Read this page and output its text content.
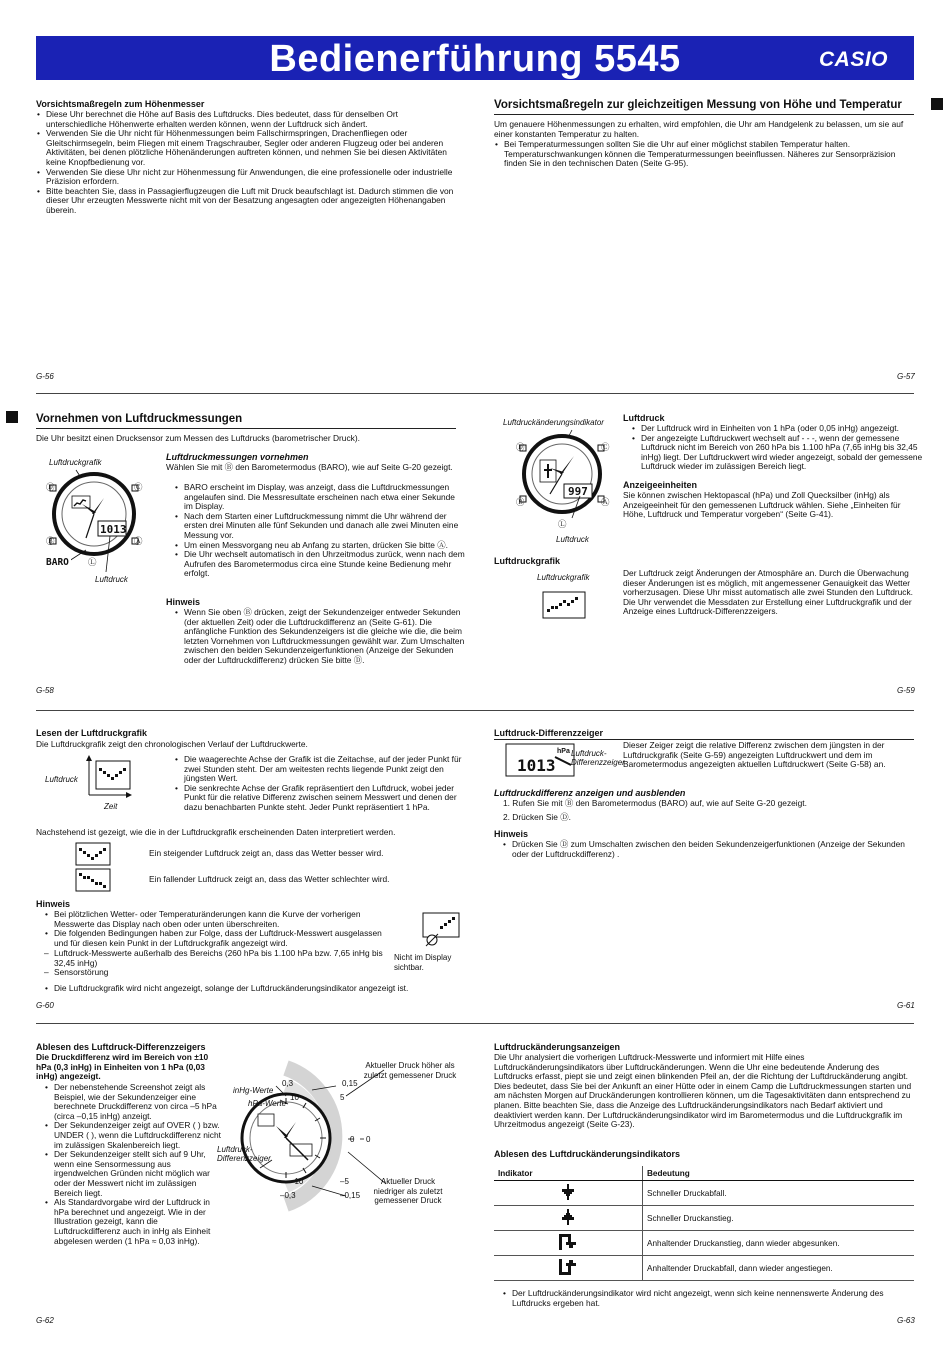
Bedienerführung 5545	CASIO
Vorsichtsmaßregeln zum Höhenmesser
• Diese Uhr berechnet die Höhe auf Basis des Luftdrucks. Dies bedeutet, dass für denselben Ort unterschiedliche Höhenwerte erhalten werden können, wenn der Luftdruck sich ändert.
• Verwenden Sie die Uhr nicht für Höhenmessungen beim Fallschirmspringen, Drachenfliegen oder Gleitschirmsegeln, beim Fliegen mit einem Tragschrauber, Segler oder anderen Flugzeug oder bei anderen Aktivitäten, bei denen plötzliche Höhenänderungen auftreten können, und nehmen Sie bei diesen Aktivitäten keine Knopfbedienung vor.
• Verwenden Sie diese Uhr nicht zur Höhenmessung für Anwendungen, die eine professionelle oder industrielle Präzision erfordern.
• Bitte beachten Sie, dass in Passagierflugzeugen die Luft mit Druck beaufschlagt ist. Dadurch stimmen die von dieser Uhr erzeugten Messwerte nicht mit von der Besatzung angesagten oder angezeigten Höhenangaben überein.
G-56
Vorsichtsmaßregeln zur gleichzeitigen Messung von Höhe und Temperatur
Um genauere Höhenmessungen zu erhalten, wird empfohlen, die Uhr am Handgelenk zu belassen, um sie auf einer konstanten Temperatur zu halten.
• Bei Temperaturmessungen sollten Sie die Uhr auf einer möglichst stabilen Temperatur halten. Temperaturschwankungen können die Temperaturmessungen beeinflussen. Näheres zur Sensorpräzision finden Sie in den technischen Daten (Seite G-95).
G-57
Vornehmen von Luftdruckmessungen
Die Uhr besitzt einen Drucksensor zum Messen des Luftdrucks (barometrischer Druck).
Luftdruckgrafik
1013
BARO
Ⓓ	Ⓒ
Ⓑ	Ⓐ
Ⓛ
Luftdruck
Luftdruckmessungen vornehmen
Wählen Sie mit Ⓑ den Barometermodus (BARO), wie auf Seite G-20 gezeigt.
• BARO erscheint im Display, was anzeigt, dass die Luftdruckmessungen angelaufen sind. Die Messresultate erscheinen nach etwa einer Sekunde im Display.
• Nach dem Starten einer Luftdruckmessung nimmt die Uhr während der ersten drei Minuten alle fünf Sekunden und danach alle zwei Minuten eine Messung vor.
• Um einen Messvorgang neu ab Anfang zu starten, drücken Sie bitte Ⓐ.
• Die Uhr wechselt automatisch in den Uhrzeitmodus zurück, wenn nach dem Aufrufen des Barometermodus circa eine Stunde keine Bedienung mehr erfolgt.
Hinweis
• Wenn Sie oben Ⓑ drücken, zeigt der Sekundenzeiger entweder Sekunden (der aktuellen Zeit) oder die Luftdruckdifferenz an (Seite G-61). Die anfängliche Funktion des Sekundenzeigers ist die gleiche wie die, die beim letzten Vornehmen von Luftdruckmessungen gewählt war. Zum Umschalten zwischen den beiden Sekundenzeigerfunktionen (Anzeige der Sekunden oder der Luftdruckdifferenz) drücken Sie bitte Ⓓ.
G-58
Luftdruckänderungsindikator
997
Ⓓ	Ⓒ
Ⓑ	Ⓐ
Ⓛ
Luftdruck
Luftdruck
• Der Luftdruck wird in Einheiten von 1 hPa (oder 0,05 inHg) angezeigt.
• Der angezeigte Luftdruckwert wechselt auf - - -, wenn der gemessene Luftdruck nicht im Bereich von 260 hPa bis 1.100 hPa (7,65 inHg bis 32,45 inHg) liegt. Der Luftdruckwert wird wieder angezeigt, sobald der gemessene Luftdruck wieder im zulässigen Bereich liegt.
Anzeigeeinheiten
Sie können zwischen Hektopascal (hPa) und Zoll Quecksilber (inHg) als Anzeigeeinheit für den gemessenen Luftdruck wählen. Siehe „Einheiten für Höhe, Luftdruck und Temperatur vorgeben“ (Seite G-41).
Luftdruckgrafik
Luftdruckgrafik	Der Luftdruck zeigt Änderungen der Atmosphäre an. Durch die Überwachung dieser Änderungen ist es möglich, mit angemessener Genauigkeit das Wetter vorherzusagen. Diese Uhr misst automatisch alle zwei Stunden den Luftdruck. Die Uhr verwendet die Messdaten zur Erstellung einer Luftdruckgrafik und der Anzeige eines Luftdruck-Differenzzeigers.
G-59
Lesen der Luftdruckgrafik
Die Luftdruckgrafik zeigt den chronologischen Verlauf der Luftdruckwerte.
Luftdruck
Zeit
• Die waagerechte Achse der Grafik ist die Zeitachse, auf der jeder Punkt für zwei Stunden steht. Der am weitesten rechts liegende Punkt zeigt den jüngsten Wert.
• Die senkrechte Achse der Grafik repräsentiert den Luftdruck, wobei jeder Punkt für die relative Differenz zwischen seinem Messwert und denen der dazu benachbarten Punkte steht. Jeder Punkt repräsentiert 1 hPa.
Nachstehend ist gezeigt, wie die in der Luftdruckgrafik erscheinenden Daten interpretiert werden.
Ein steigender Luftdruck zeigt an, dass das Wetter besser wird.
Ein fallender Luftdruck zeigt an, dass das Wetter schlechter wird.
Hinweis
• Bei plötzlichen Wetter- oder Temperaturänderungen kann die Kurve der vorherigen Messwerte das Display nach oben oder unten überschreiten.
• Die folgenden Bedingungen haben zur Folge, dass der Luftdruck-Messwert ausgelassen und für diesen kein Punkt in der Luftdruckgrafik angezeigt wird.
– Luftdruck-Messwerte außerhalb des Bereichs (260 hPa bis 1.100 hPa bzw. 7,65 inHg bis 32,45 inHg)
– Sensorstörung
Nicht im Display sichtbar.
• Die Luftdruckgrafik wird nicht angezeigt, solange der Luftdruckänderungsindikator angezeigt ist.
G-60
Luftdruck-Differenzzeiger
hPa
1013
Luftdruck-Differenzzeiger
Dieser Zeiger zeigt die relative Differenz zwischen dem jüngsten in der Luftdruckgrafik (Seite G-59) angezeigten Luftdruckwert und dem im Barometermodus angezeigten aktuellen Luftdruckwert (Seite G-58) an.
Luftdruckdifferenz anzeigen und ausblenden
1. Rufen Sie mit Ⓑ den Barometermodus (BARO) auf, wie auf Seite G-20 gezeigt.
2. Drücken Sie Ⓓ.
Hinweis
• Drücken Sie Ⓓ zum Umschalten zwischen den beiden Sekundenzeigerfunktionen (Anzeige der Sekunden oder der Luftdruckdifferenz) .
G-61
Ablesen des Luftdruck-Differenzzeigers
Die Druckdifferenz wird im Bereich von ±10 hPa (0,3 inHg) in Einheiten von 1 hPa (0,03 inHg) angezeigt.
• Der nebenstehende Screenshot zeigt als Beispiel, wie der Sekundenzeiger eine berechnete Druckdifferenz von circa –5 hPa (circa –0,15 inHg) anzeigt.
• Der Sekundenzeiger zeigt auf OVER ( ) bzw. UNDER ( ), wenn die Luftdruckdifferenz nicht im zulässigen Skalenbereich liegt.
• Der Sekundenzeiger stellt sich auf 9 Uhr, wenn eine Sensormessung aus irgendwelchen Gründen nicht möglich war oder der Messwert nicht im zulässigen Bereich liegt.
• Als Standardvorgabe wird der Luftdruck in hPa berechnet und angezeigt. Wie in der Illustration gezeigt, kann die Luftdruckdifferenz auch in inHg als Einheit abgelesen werden (1 hPa ≈ 0,03 inHg).
0,3	0,15
0
–0,15
–0,3
10	5
0
–5
–10
inHg-Werte
hPa-Werte
Luftdruck-Differenzzeiger
Aktueller Druck höher als zuletzt gemessener Druck
Aktueller Druck niedriger als zuletzt gemessener Druck
G-62
Luftdruckänderungsanzeigen
Die Uhr analysiert die vorherigen Luftdruck-Messwerte und informiert mit Hilfe eines Luftdruckänderungsindikators über Luftdruckänderungen. Wenn die Uhr eine bedeutende Änderung des Luftdrucks erfasst, piept sie und zeigt einen blinkenden Pfeil an, der die Richtung der Luftdruckänderung angibt. Dies bedeutet, dass Sie bei der Ankunft an einer Hütte oder in einem Camp die Luftdruckmessungen starten und am nächsten Morgen auf Druckänderungen kontrollieren können, um die Tagesaktivitäten dann entsprechend zu planen. Bitte beachten Sie, dass die Anzeige des Luftdruckänderungsindikators nach Bedarf aktiviert und deaktiviert werden kann. Der Luftdruckänderungsindikator wird im Barometermodus und die Luftdruckgrafik im Uhrzeitmodus angezeigt (Seite G-23).
Ablesen des Luftdruckänderungsindikators
Indikator	Bedeutung
	Schneller Druckabfall.
	Schneller Druckanstieg.
	Anhaltender Druckanstieg, dann wieder abgesunken.
	Anhaltender Druckabfall, dann wieder angestiegen.
• Der Luftdruckänderungsindikator wird nicht angezeigt, wenn sich keine nennenswerte Änderung des Luftdrucks ergeben hat.
G-63
